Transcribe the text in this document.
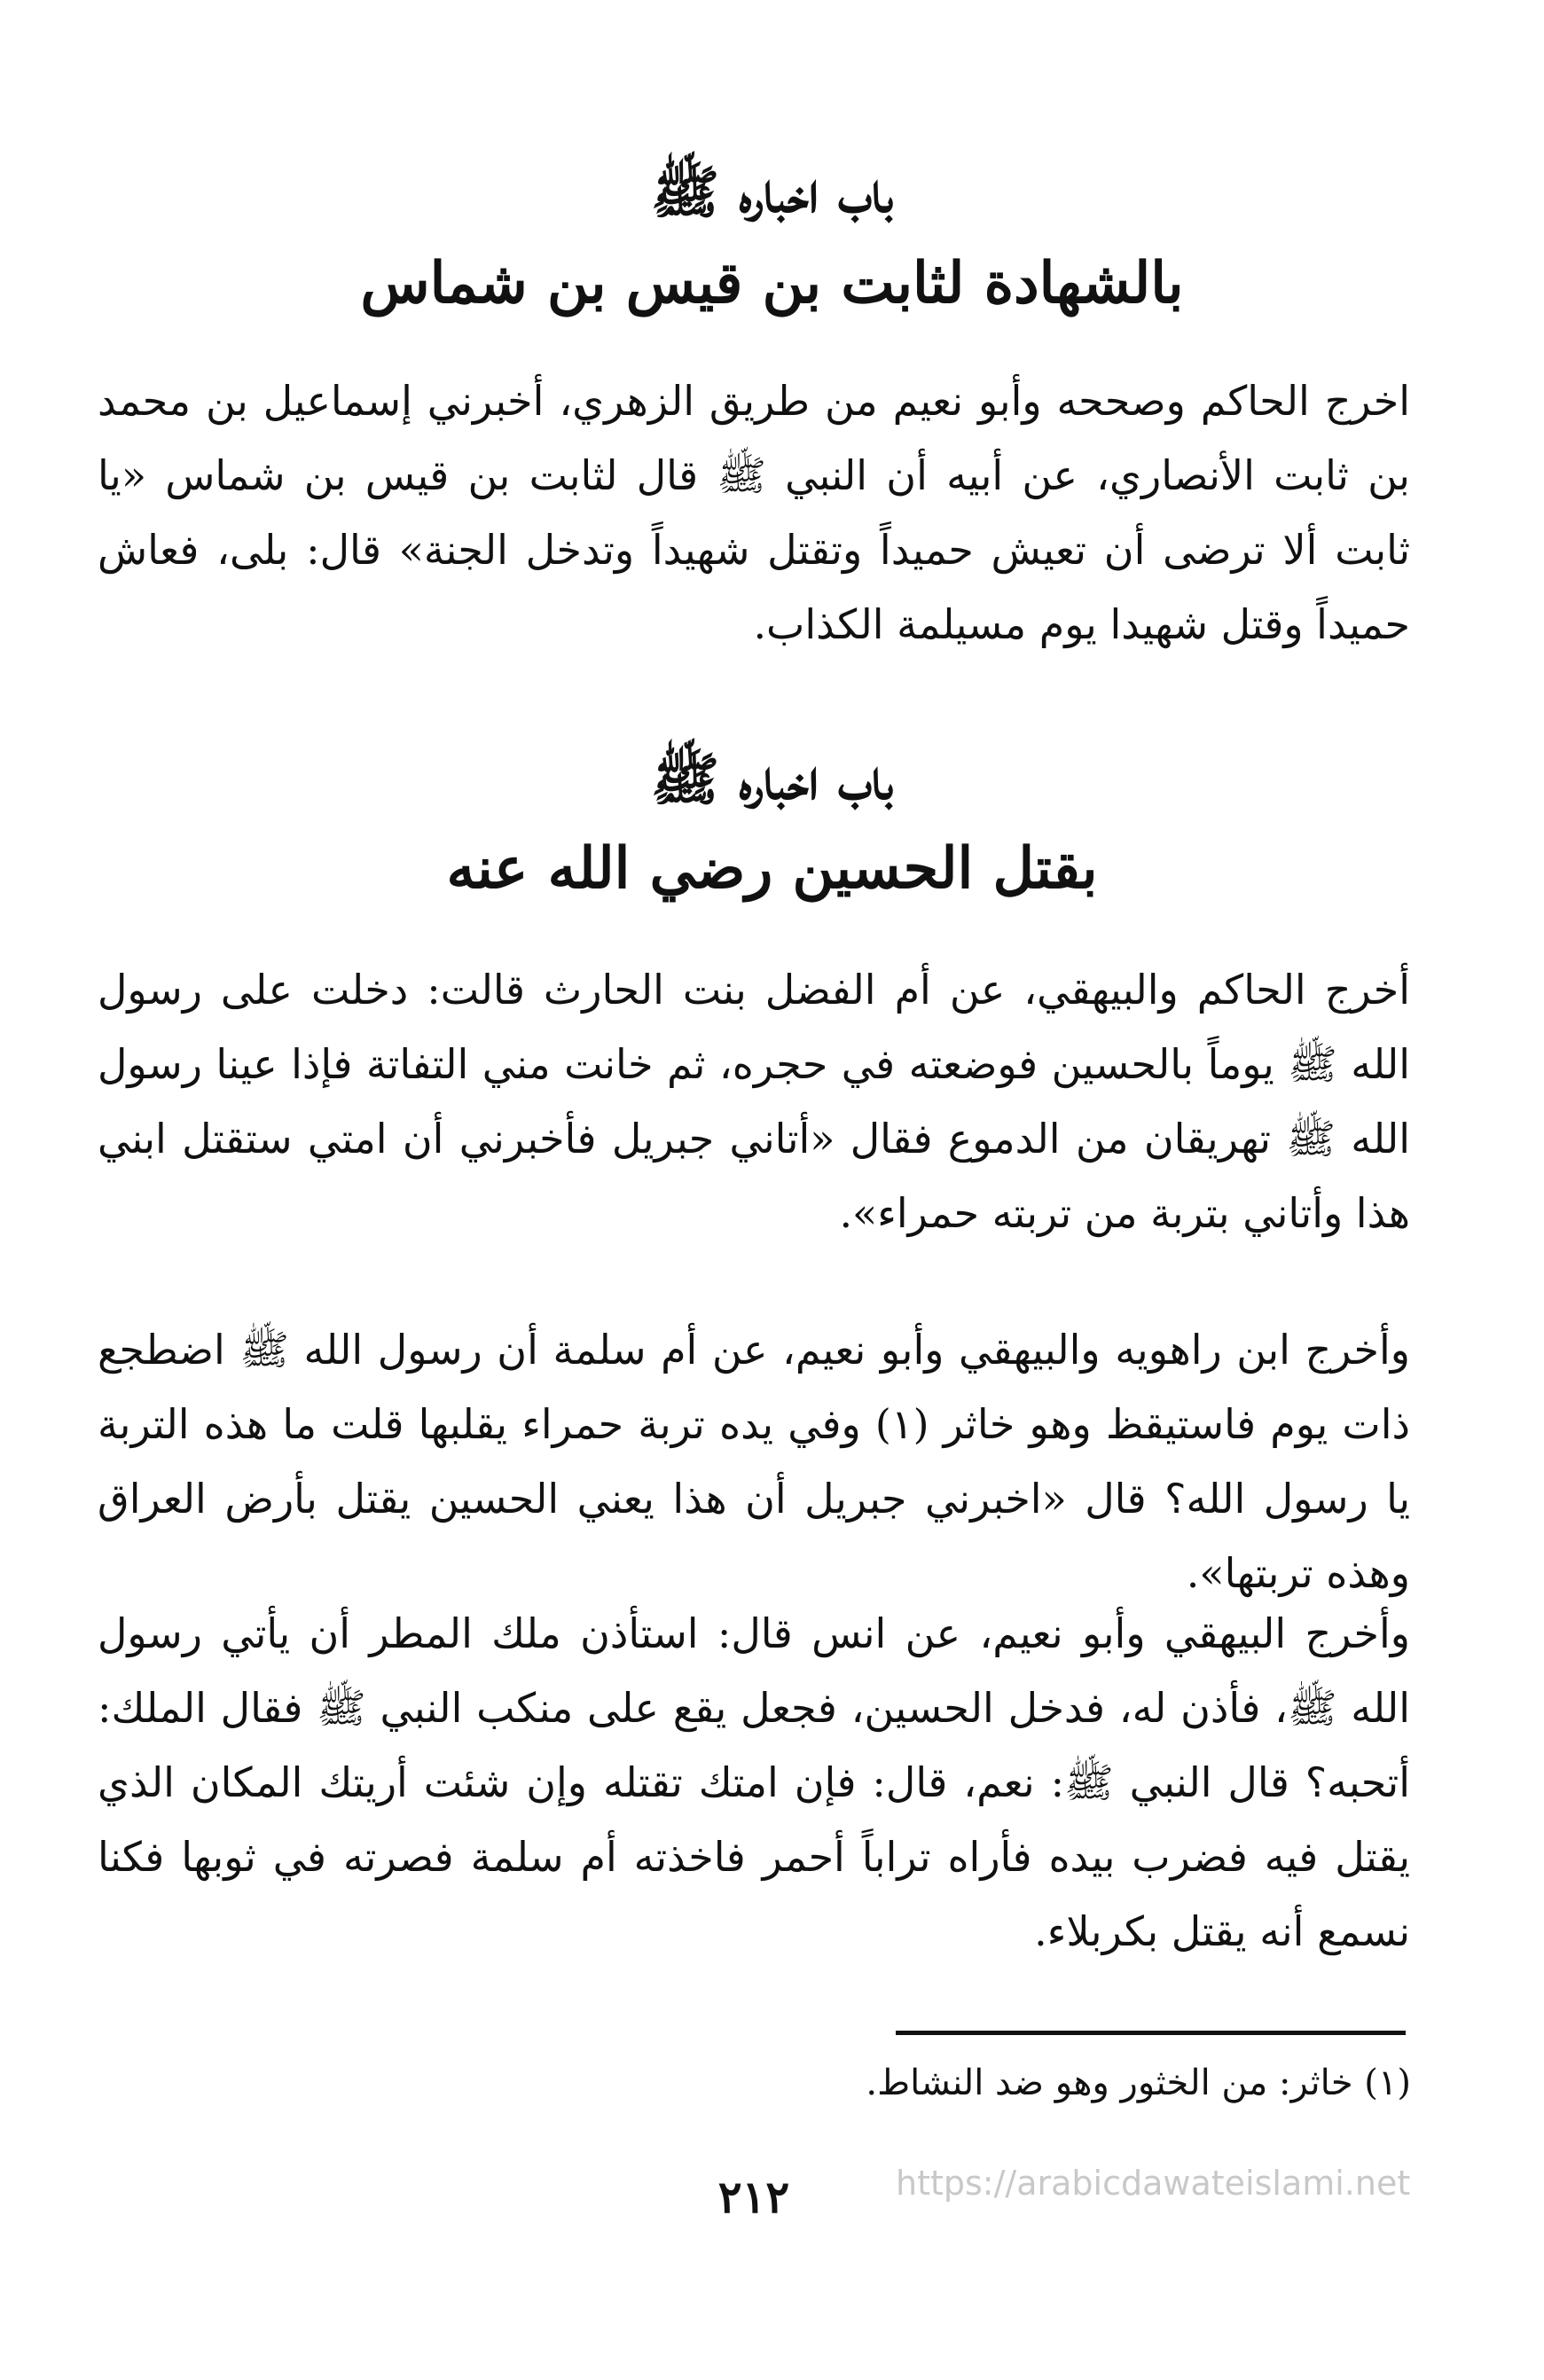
باب اخباره ﷺ
بالشهادة لثابت بن قيس بن شماس
اخرج الحاكم وصححه وأبو نعيم من طريق الزهري، أخبرني إسماعيل بن محمد بن ثابت الأنصاري، عن أبيه أن النبي ﷺ قال لثابت بن قيس بن شماس «يا ثابت ألا ترضى أن تعيش حميداً وتقتل شهيداً وتدخل الجنة» قال: بلى، فعاش حميداً وقتل شهيدا يوم مسيلمة الكذاب.
باب اخباره ﷺ
بقتل الحسين رضي الله عنه
أخرج الحاكم والبيهقي، عن أم الفضل بنت الحارث قالت: دخلت على رسول الله ﷺ يوماً بالحسين فوضعته في حجره، ثم خانت مني التفاتة فإذا عينا رسول الله ﷺ تهريقان من الدموع فقال «أتاني جبريل فأخبرني أن امتي ستقتل ابني هذا وأتاني بتربة من تربته حمراء».
وأخرج ابن راهويه والبيهقي وأبو نعيم، عن أم سلمة أن رسول الله ﷺ اضطجع ذات يوم فاستيقظ وهو خاثر (١) وفي يده تربة حمراء يقلبها قلت ما هذه التربة يا رسول الله؟ قال «اخبرني جبريل أن هذا يعني الحسين يقتل بأرض العراق وهذه تربتها».
وأخرج البيهقي وأبو نعيم، عن انس قال: استأذن ملك المطر أن يأتي رسول الله ﷺ، فأذن له، فدخل الحسين، فجعل يقع على منكب النبي ﷺ فقال الملك: أتحبه؟ قال النبي ﷺ: نعم، قال: فإن امتك تقتله وإن شئت أريتك المكان الذي يقتل فيه فضرب بيده فأراه تراباً أحمر فاخذته أم سلمة فصرته في ثوبها فكنا نسمع أنه يقتل بكربلاء.
(١) خاثر: من الخثور وهو ضد النشاط.
٢١٢	https://arabicdawateislami.net
